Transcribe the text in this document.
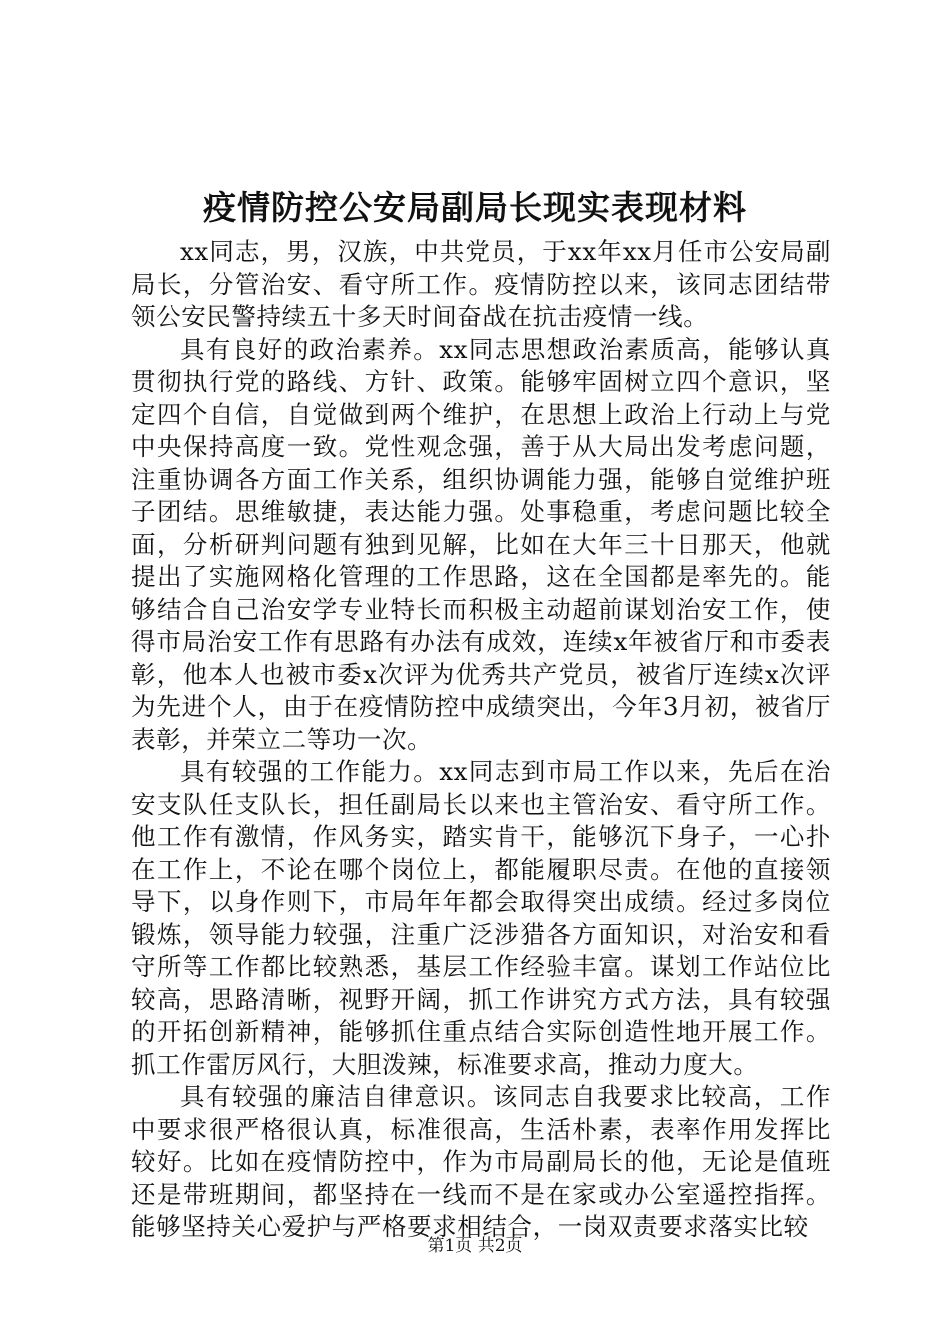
疫情防控公安局副局长现实表现材料

xx同志，男，汉族，中共党员，于xx年xx月任市公安局副局长，分管治安、看守所工作。疫情防控以来，该同志团结带领公安民警持续五十多天时间奋战在抗击疫情一线。

具有良好的政治素养。xx同志思想政治素质高，能够认真贯彻执行党的路线、方针、政策。能够牢固树立四个意识，坚定四个自信，自觉做到两个维护，在思想上政治上行动上与党中央保持高度一致。党性观念强，善于从大局出发考虑问题，注重协调各方面工作关系，组织协调能力强，能够自觉维护班子团结。思维敏捷，表达能力强。处事稳重，考虑问题比较全面，分析研判问题有独到见解，比如在大年三十日那天，他就提出了实施网格化管理的工作思路，这在全国都是率先的。能够结合自己治安学专业特长而积极主动超前谋划治安工作，使得市局治安工作有思路有办法有成效，连续x年被省厅和市委表彰，他本人也被市委x次评为优秀共产党员，被省厅连续x次评为先进个人，由于在疫情防控中成绩突出，今年3月初，被省厅表彰，并荣立二等功一次。

具有较强的工作能力。xx同志到市局工作以来，先后在治安支队任支队长，担任副局长以来也主管治安、看守所工作。他工作有激情，作风务实，踏实肯干，能够沉下身子，一心扑在工作上，不论在哪个岗位上，都能履职尽责。在他的直接领导下，以身作则下，市局年年都会取得突出成绩。经过多岗位锻炼，领导能力较强，注重广泛涉猎各方面知识，对治安和看守所等工作都比较熟悉，基层工作经验丰富。谋划工作站位比较高，思路清晰，视野开阔，抓工作讲究方式方法，具有较强的开拓创新精神，能够抓住重点结合实际创造性地开展工作。抓工作雷厉风行，大胆泼辣，标准要求高，推动力度大。

具有较强的廉洁自律意识。该同志自我要求比较高，工作中要求很严格很认真，标准很高，生活朴素，表率作用发挥比较好。比如在疫情防控中，作为市局副局长的他，无论是值班还是带班期间，都坚持在一线而不是在家或办公室遥控指挥。能够坚持关心爱护与严格要求相结合，一岗双责要求落实比较

第1页 共2页
